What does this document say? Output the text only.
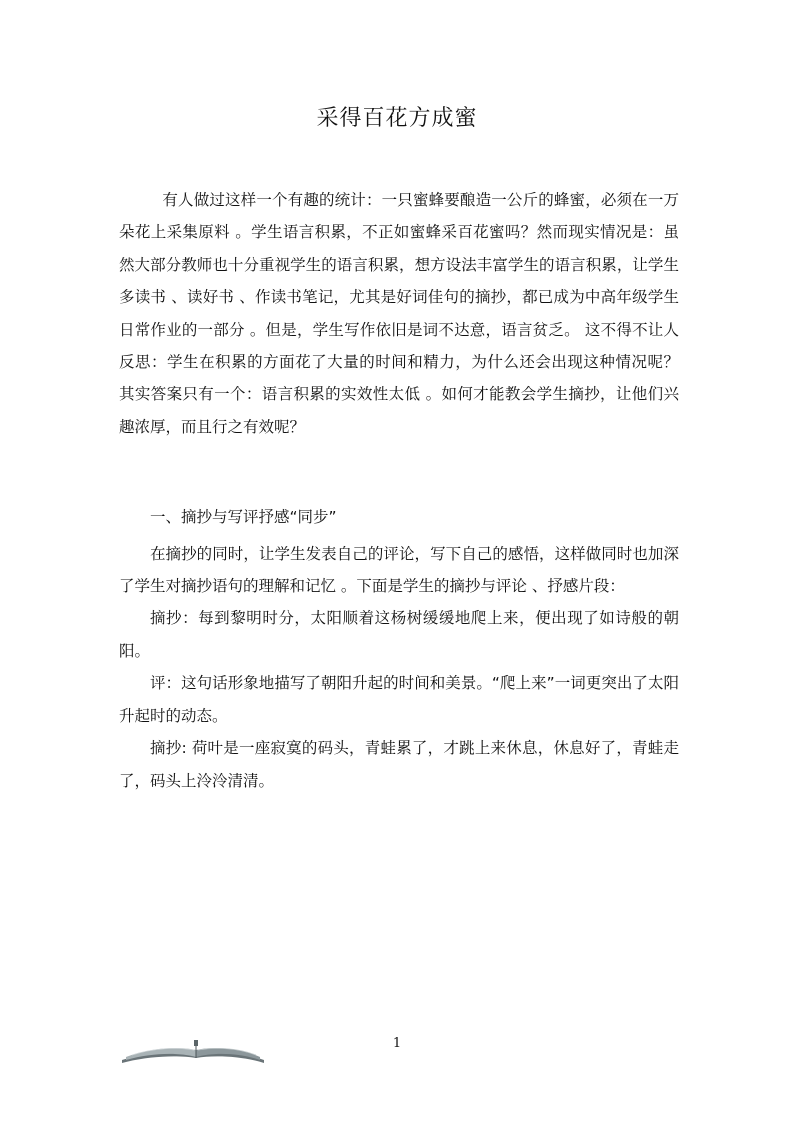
采得百花方成蜜

有人做过这样一个有趣的统计：一只蜜蜂要酿造一公斤的蜂蜜，必须在一万朵花上采集原料 。学生语言积累，不正如蜜蜂采百花蜜吗？然而现实情况是：虽然大部分教师也十分重视学生的语言积累，想方设法丰富学生的语言积累，让学生多读书 、读好书 、作读书笔记，尤其是好词佳句的摘抄，都已成为中高年级学生日常作业的一部分 。但是，学生写作依旧是词不达意，语言贫乏。 这不得不让人反思：学生在积累的方面花了大量的时间和精力，为什么还会出现这种情况呢？ 其实答案只有一个：语言积累的实效性太低 。如何才能教会学生摘抄，让他们兴趣浓厚，而且行之有效呢？

一、摘抄与写评抒感“同步”

在摘抄的同时，让学生发表自己的评论，写下自己的感悟，这样做同时也加深了学生对摘抄语句的理解和记忆 。下面是学生的摘抄与评论 、抒感片段：

摘抄：每到黎明时分，太阳顺着这杨树缓缓地爬上来，便出现了如诗般的朝阳。

评：这句话形象地描写了朝阳升起的时间和美景。“爬上来”一词更突出了太阳升起时的动态。

摘抄: 荷叶是一座寂寞的码头，青蛙累了，才跳上来休息，休息好了，青蛙走了，码头上泠泠清清。

1
